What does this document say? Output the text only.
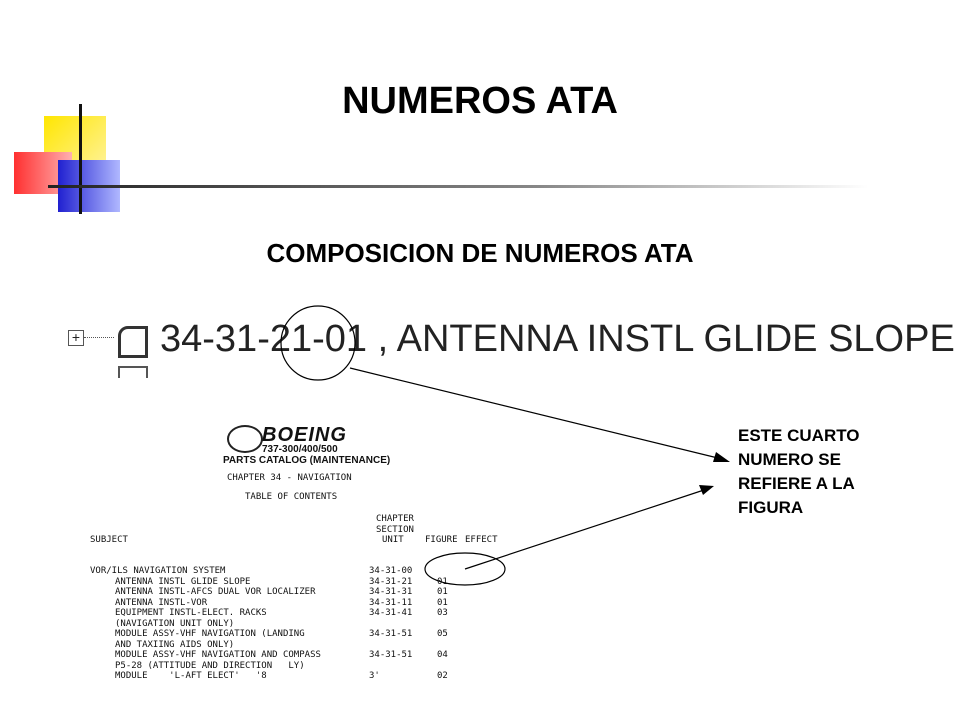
NUMEROS ATA
COMPOSICION DE NUMEROS ATA
+ 34-31-21-01 , ANTENNA INSTL GLIDE SLOPE
ESTE CUARTO
NUMERO SE
REFIERE A LA
FIGURA
BOEING
737-300/400/500
PARTS CATALOG (MAINTENANCE)
CHAPTER 34 - NAVIGATION
TABLE OF CONTENTS
CHAPTER
SECTION
SUBJECT	UNIT FIGURE EFFECT
VOR/ILS NAVIGATION SYSTEM	34-31-00
ANTENNA INSTL GLIDE SLOPE	34-31-21	01
ANTENNA INSTL-AFCS DUAL VOR LOCALIZER	34-31-31	01
ANTENNA INSTL-VOR	34-31-11	01
EQUIPMENT INSTL-ELECT. RACKS	34-31-41	03
(NAVIGATION UNIT ONLY)
MODULE ASSY-VHF NAVIGATION (LANDING	34-31-51	05
AND TAXIING AIDS ONLY)
MODULE ASSY-VHF NAVIGATION AND COMPASS	34-31-51	04
P5-28 (ATTITUDE AND DIRECTION   LY)
MODULE    'L-AFT ELECT'   '8	3'	02
